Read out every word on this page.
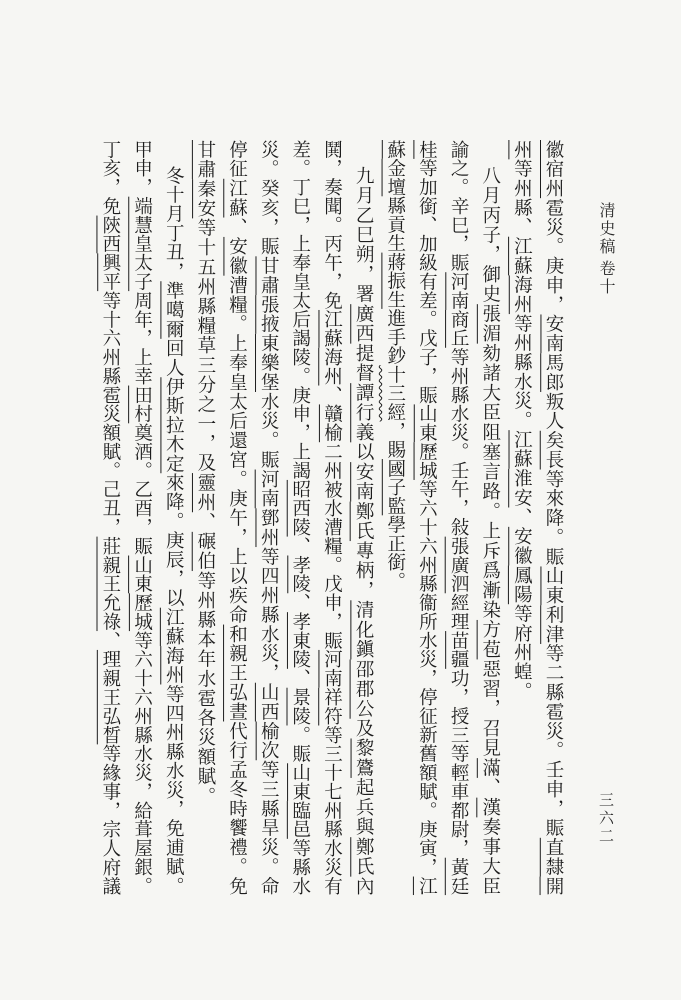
清史稿卷十
三六二
徽宿州雹災。庚申，安南馬郎叛人矣長等來降。賑山東利津等二縣雹災。壬申，賑直隸開
州等州縣、江蘇海州等州縣水災。江蘇淮安、安徽鳳陽等府州蝗。
八月丙子，御史張湄劾諸大臣阻塞言路。上斥爲漸染方苞惡習，召見滿、漢奏事大臣
諭之。辛巳，賑河南商丘等州縣水災。壬午，敍張廣泗經理苗疆功，授三等輕車都尉，黃廷
桂等加銜、加級有差。戊子，賑山東歷城等六十六州縣衞所水災，停征新舊額賦。庚寅，江
蘇金壇縣貢生蔣振生進手鈔十三經，賜國子監學正銜。
九月乙巳朔，署廣西提督譚行義以安南鄭氏專柄，清化鎭邵郡公及黎鷟起兵與鄭氏內
鬨，奏聞。丙午，免江蘇海州、贛榆二州被水漕糧。戊申，賑河南祥符等三十七州縣水災有
差。丁巳，上奉皇太后謁陵。庚申，上謁昭西陵、孝陵、孝東陵、景陵。賑山東臨邑等縣水
災。癸亥，賑甘肅張掖東樂堡水災。賑河南鄧州等四州縣水災，山西榆次等三縣旱災。命
停征江蘇、安徽漕糧。上奉皇太后還宮。庚午，上以疾命和親王弘晝代行孟冬時饗禮。免
甘肅秦安等十五州縣糧草三分之一，及靈州、碾伯等州縣本年水雹各災額賦。
冬十月丁丑，準噶爾回人伊斯拉木定來降。庚辰，以江蘇海州等四州縣水災，免逋賦。
甲申，端慧皇太子周年，上幸田村奠酒。乙酉，賑山東歷城等六十六州縣水災，給葺屋銀。
丁亥，免陝西興平等十六州縣雹災額賦。己丑，莊親王允祿、理親王弘晳等緣事，宗人府議
